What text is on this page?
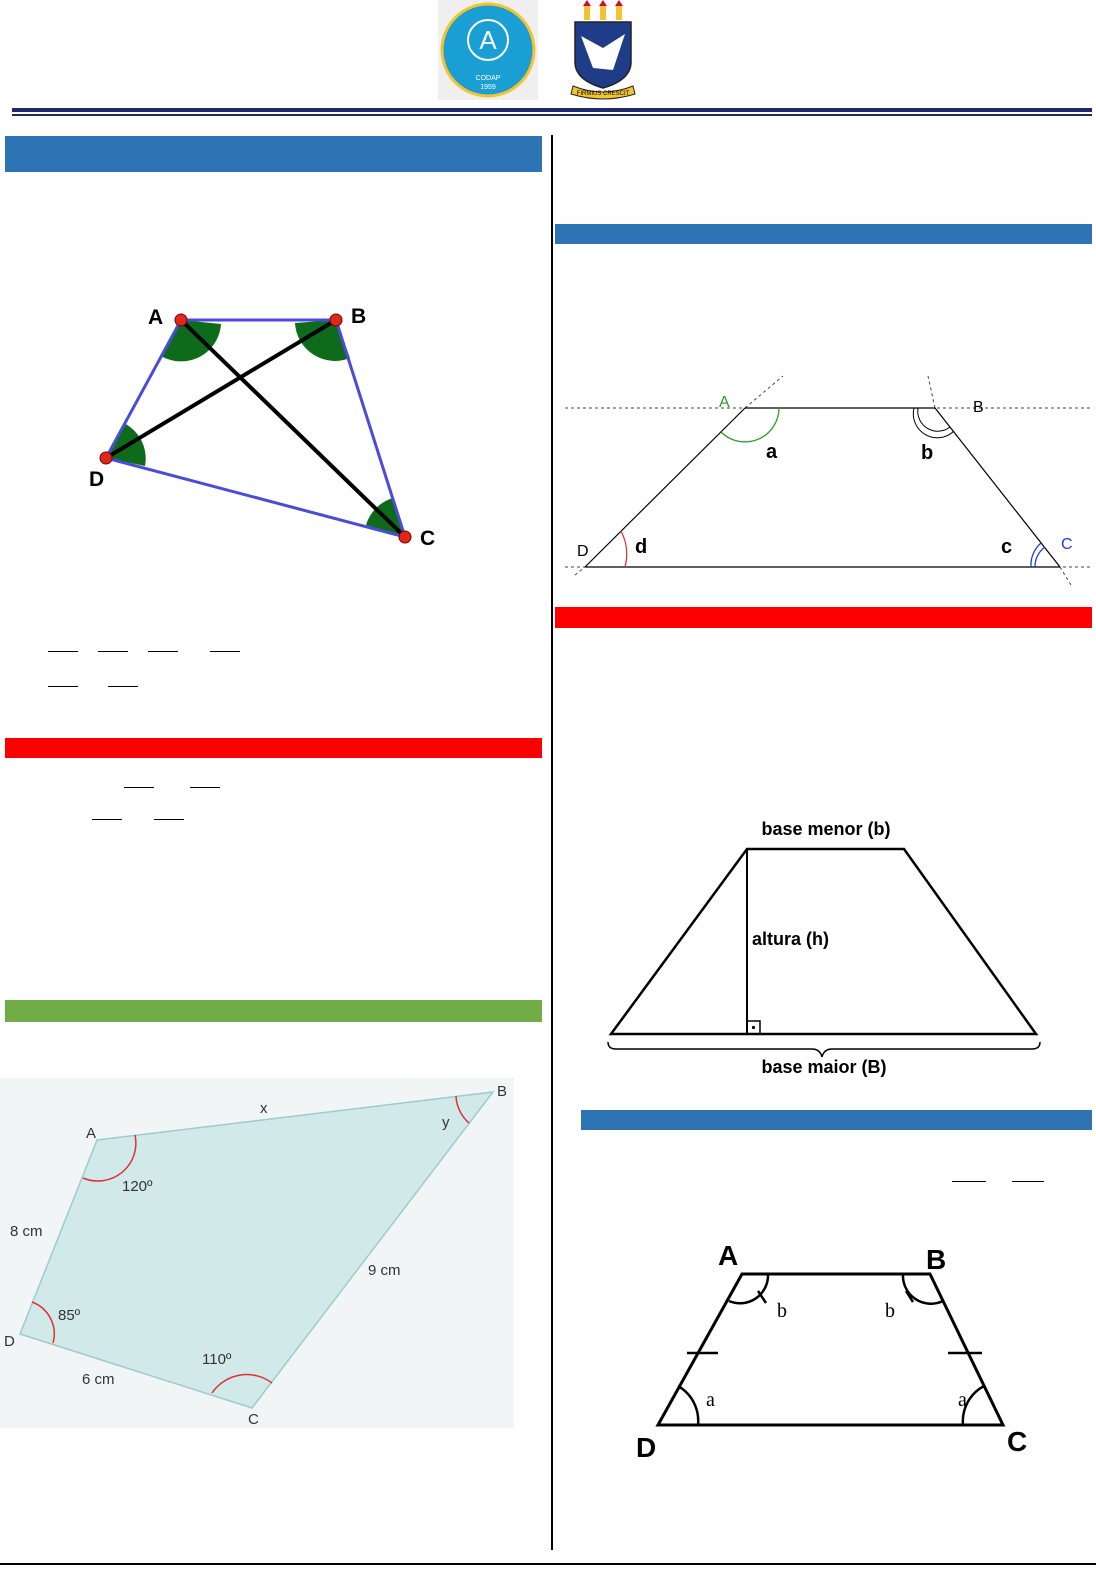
A
CODAP
1959
FIRMIUS CRESCIT
A	B
C
D
A
B
C
D
x
y
8 cm
9 cm
6 cm
120º
85º
110º
A	B
C
D
a	b
c
d
base menor (b)
altura (h)
base maior (B)
A	B
C
D
b	b
a
a
